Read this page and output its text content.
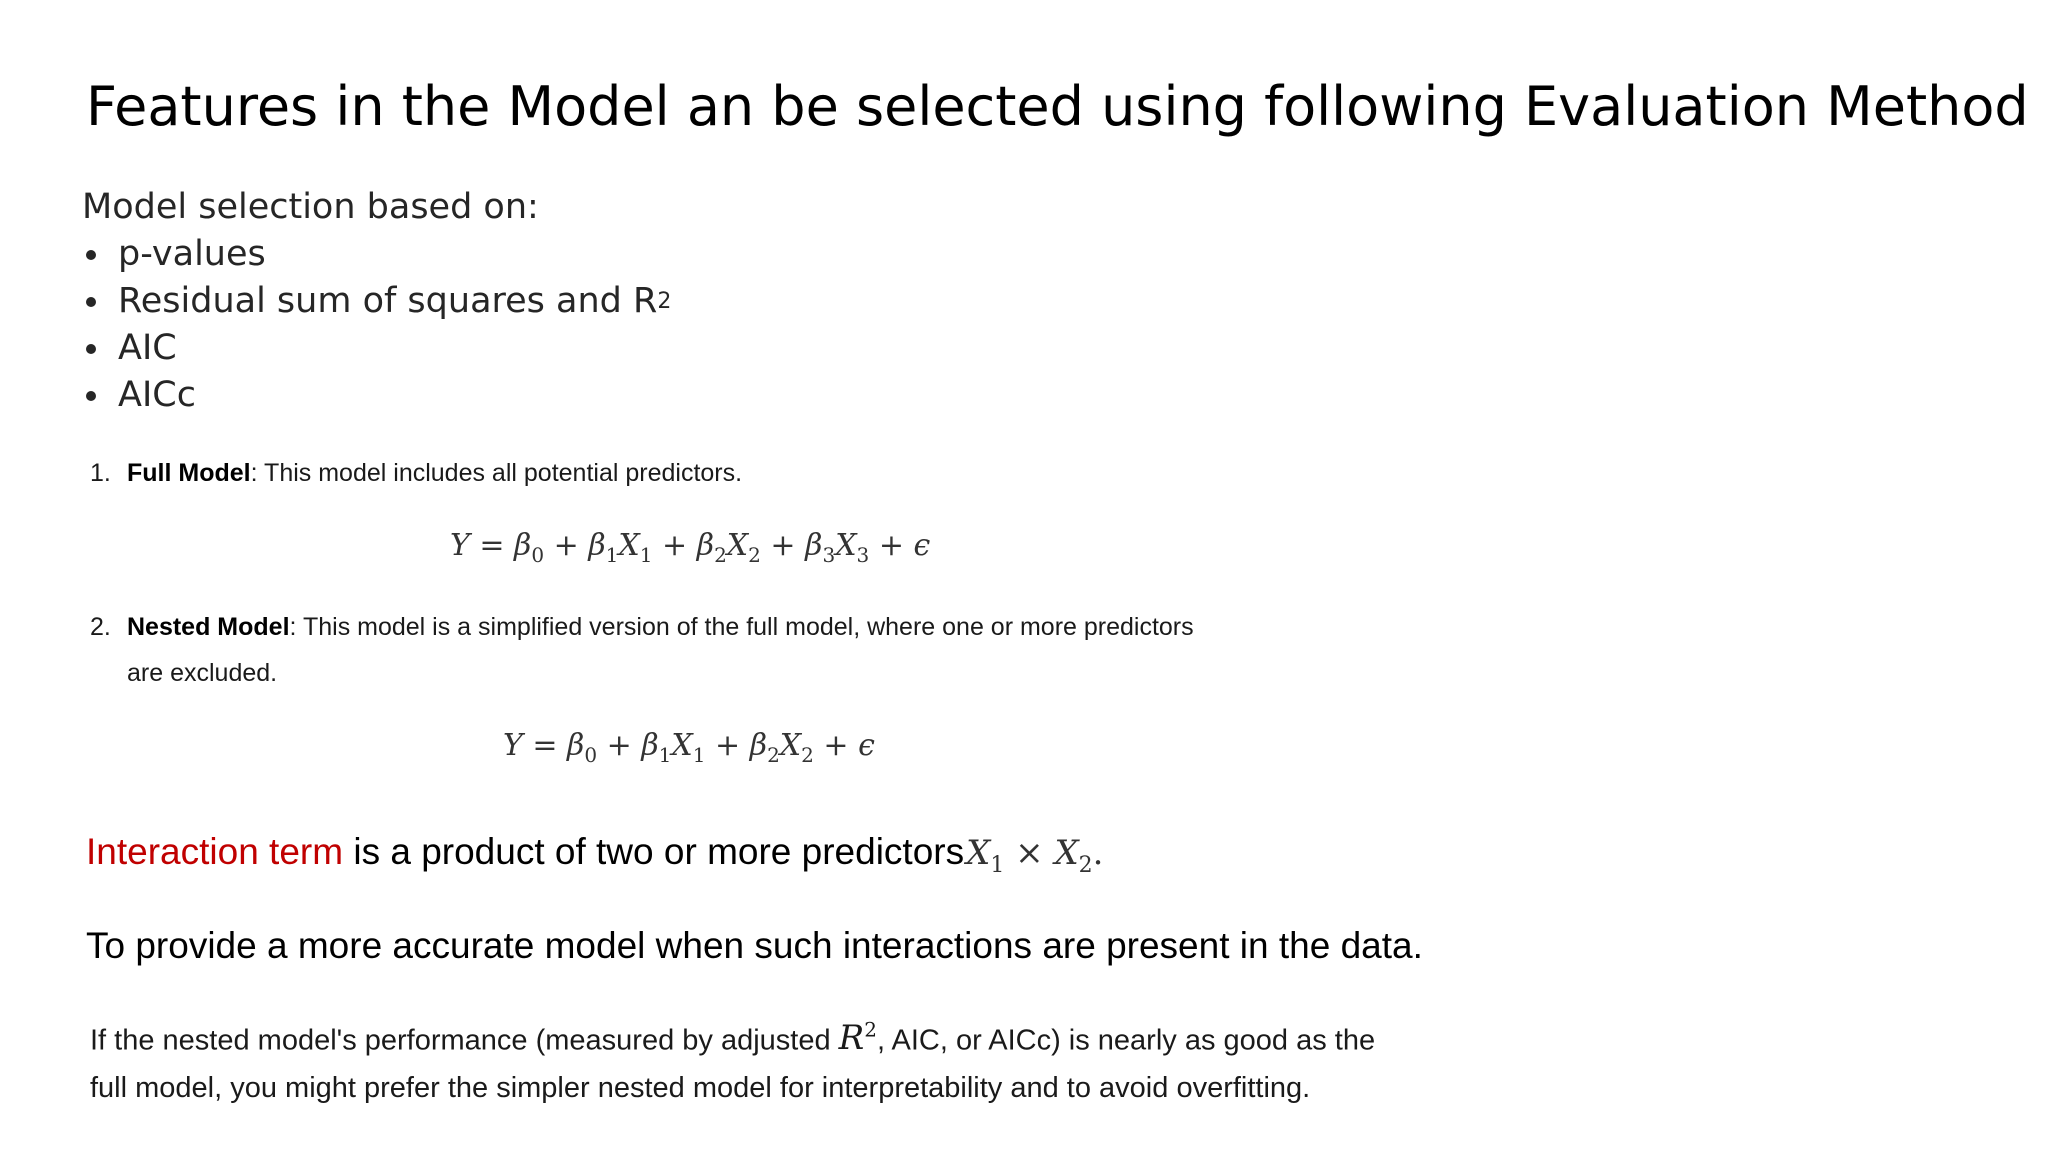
Features in the Model an be selected using following Evaluation Method
Model selection based on:
p-values
Residual sum of squares and R 2
AIC
AICc
1. Full Model: This model includes all potential predictors.
$Y = \beta_0 + \beta_1X_1 + \beta_2X_2 + \beta_3X_3 + \epsilon$
2. Nested Model: This model is a simplified version of the full model, where one or more predictors
are excluded.
$Y = \beta_0 + \beta_1X_1 + \beta_2X_2 + \epsilon$
Interaction term is a product of two or more predictorsX$_1$ × $X_2$.
To provide a more accurate model when such interactions are present in the data.
If the nested model's performance (measured by adjusted $R^2$, AIC, or AICc) is nearly as good as the
full model, you might prefer the simpler nested model for interpretability and to avoid overfitting.
